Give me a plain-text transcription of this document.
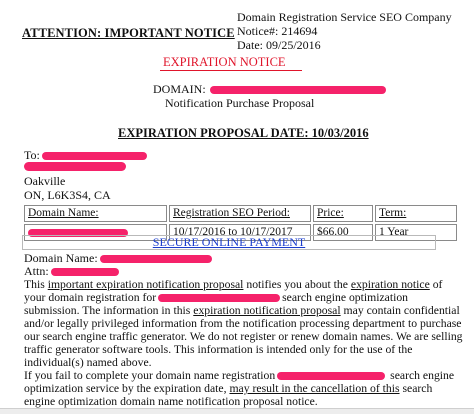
Domain Registration Service SEO Company
Notice#: 214694
Date: 09/25/2016
ATTENTION: IMPORTANT NOTICE
EXPIRATION NOTICE
DOMAIN:
Notification Purchase Proposal
EXPIRATION PROPOSAL DATE: 10/03/2016
To:
Oakville
ON, L6K3S4, CA
Domain Name:	Registration SEO Period:	Price:	Term:
	10/17/2016 to 10/17/2017	$66.00	1 Year
SECURE ONLINE PAYMENT
Domain Name:
Attn:
This important expiration notification proposal notifies you about the expiration notice of your domain registration for	search engine optimization submission. The information in this expiration notification proposal may contain confidential and/or legally privileged information from the notification processing department to purchase our search engine traffic generator. We do not register or renew domain names. We are selling traffic generator software tools. This information is intended only for the use of the individual(s) named above.
If you fail to complete your domain name registration	search engine optimization service by the expiration date, may result in the cancellation of this search engine optimization domain name notification proposal notice.
